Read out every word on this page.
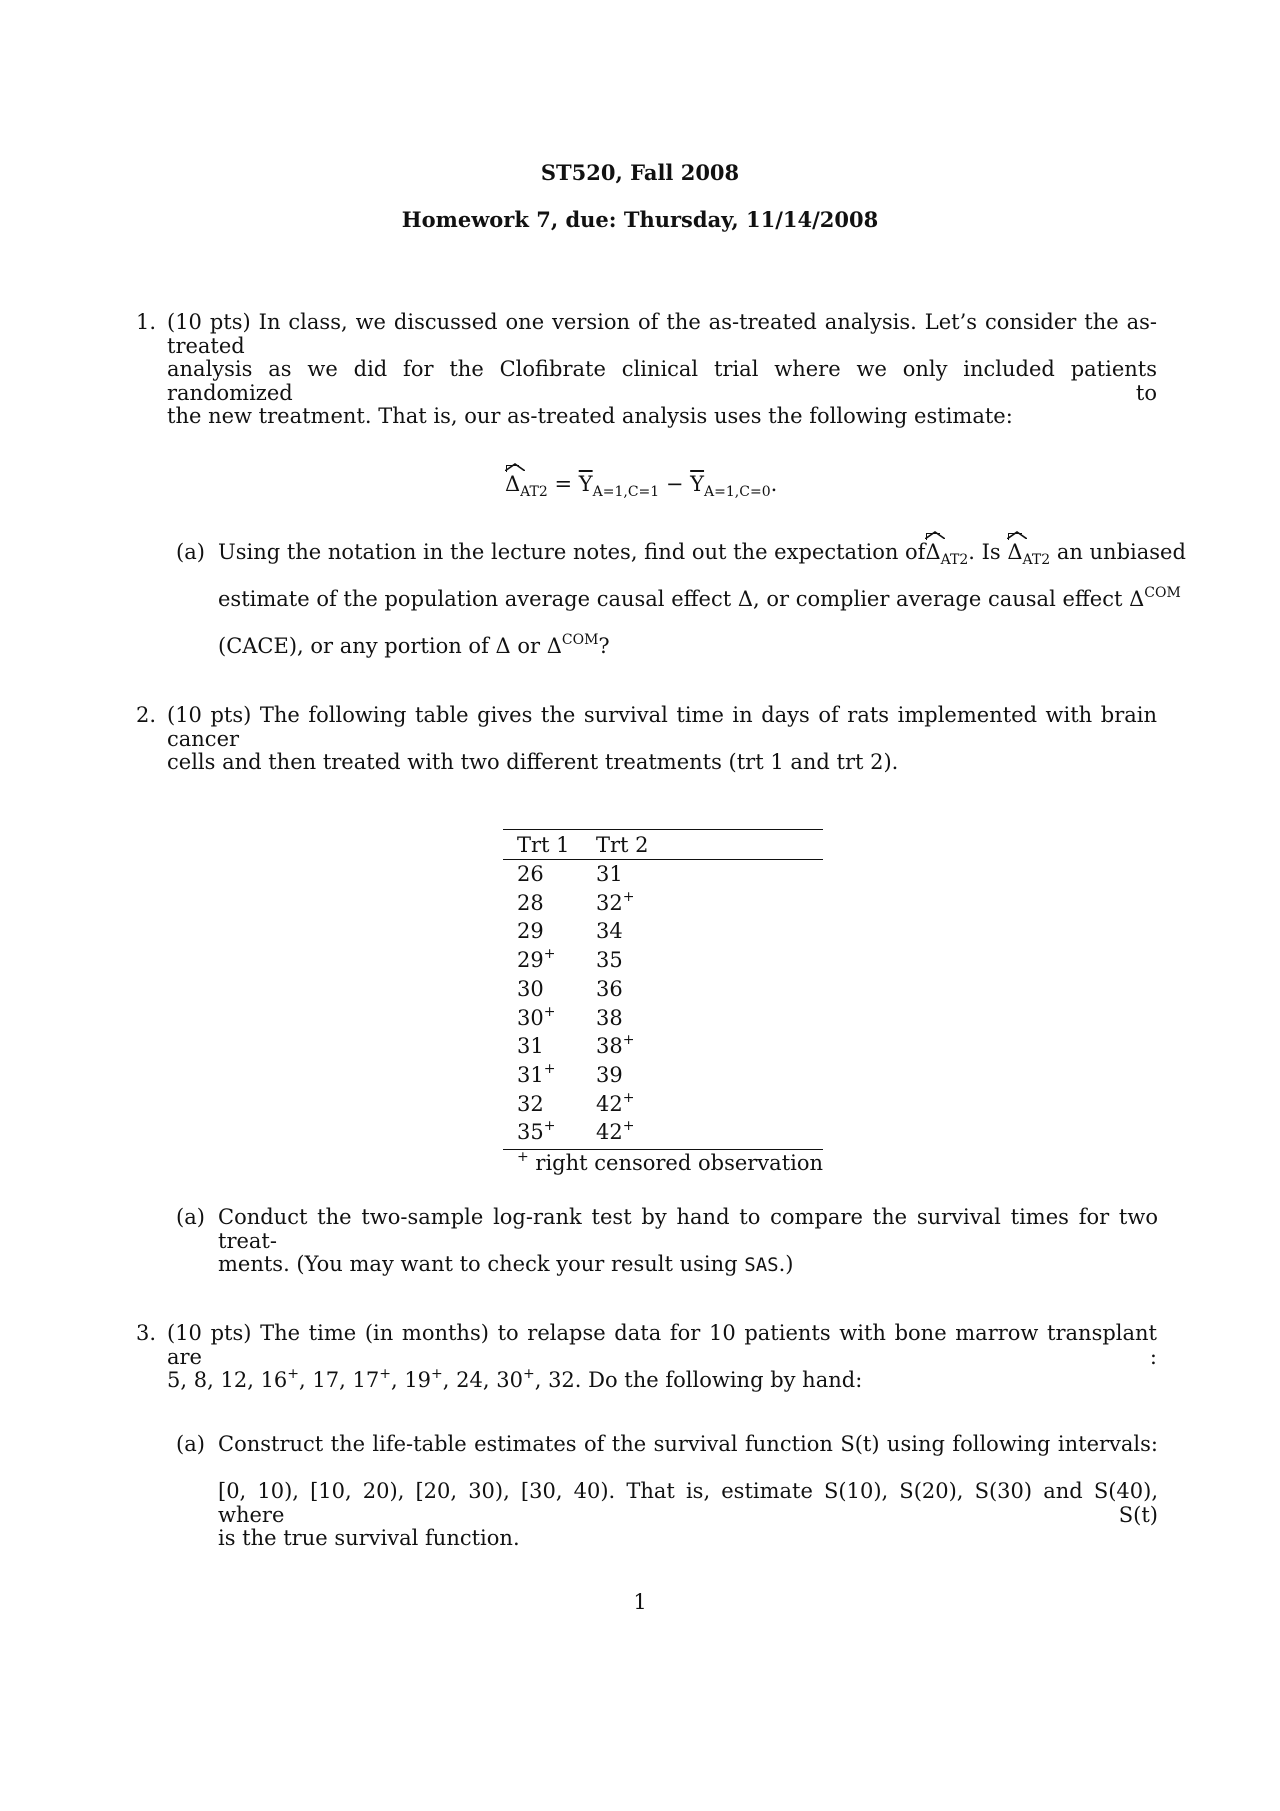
ST520, Fall 2008
Homework 7, due: Thursday, 11/14/2008
1. (10 pts) In class, we discussed one version of the as-treated analysis. Let’s consider the as-treated
analysis as we did for the Clofibrate clinical trial where we only included patients randomized to
the new treatment. That is, our as-treated analysis uses the following estimate:
Δ
$_{AT2} = \overline{Y}_{A=1,C=1} - \overline{Y}_{A=1,C=0}$.
(a) Using the notation in the lecture notes, find out the expectation of Δ
$_{AT2}$. Is Δ
$_{AT2}$ an unbiased
estimate of the population average causal effect Δ, or complier average causal effect $\Delta^{COM}$
(CACE), or any portion of Δ or $\Delta^{COM}$?
2. (10 pts) The following table gives the survival time in days of rats implemented with brain cancer
cells and then treated with two different treatments (trt 1 and trt 2).
Trt 1 Trt 2
26 31
28 32+
29 34
29+ 35
30 36
30+ 38
31 38+
31+ 39
32 42+
35+ 42+
+ right censored observation
(a) Conduct the two-sample log-rank test by hand to compare the survival times for two treat-
ments. (You may want to check your result using SAS.)
3. (10 pts) The time (in months) to relapse data for 10 patients with bone marrow transplant are :
5, 8, 12, 16+, 17, 17+, 19+, 24, 30+, 32. Do the following by hand:
(a) Construct the life-table estimates of the survival function S(t) using following intervals:
[0, 10), [10, 20), [20, 30), [30, 40). That is, estimate S(10), S(20), S(30) and S(40), where S(t)
is the true survival function.
1
